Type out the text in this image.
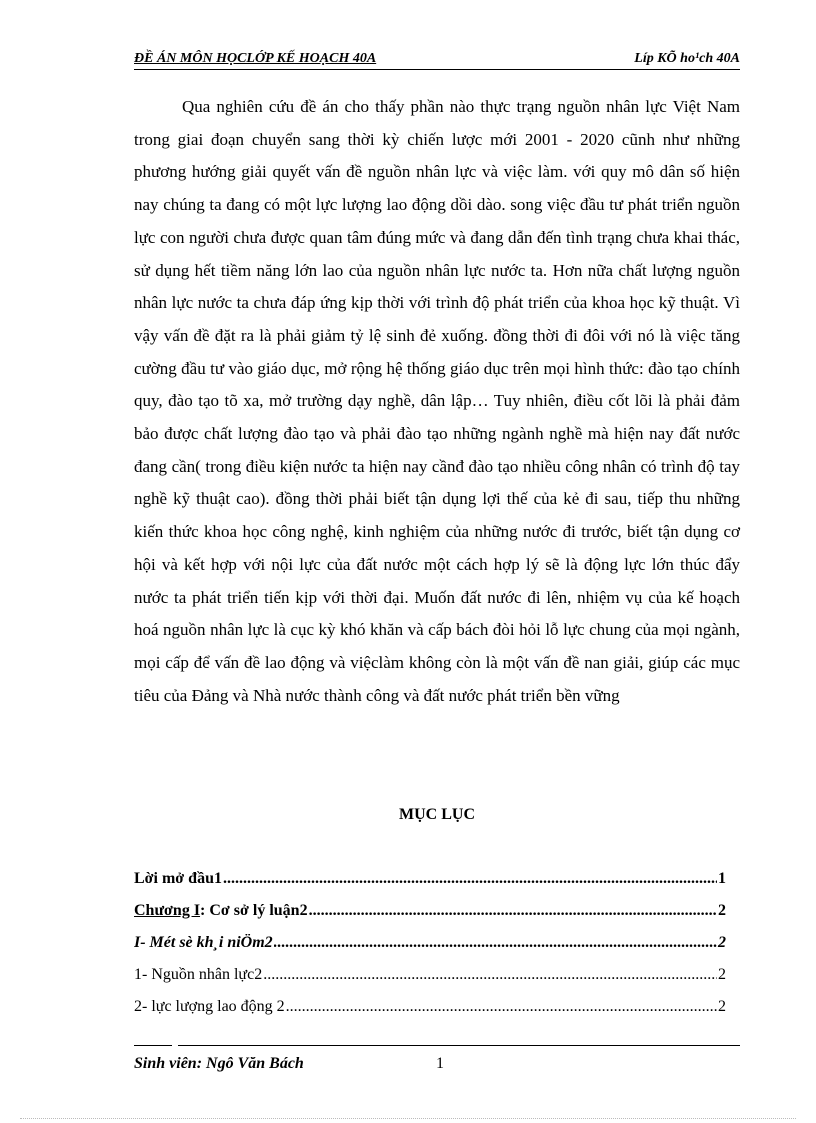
ĐỀ ÁN MÔN HỌCLỚP KẾ HOẠCH 40A	Líp KÕ ho¹ch 40A

Qua nghiên cứu đề án cho thấy phần nào thực trạng nguồn nhân lực Việt Nam trong giai đoạn chuyển sang thời kỳ chiến lược mới 2001 - 2020 cũnh như những phương hướng giải quyết vấn đề nguồn nhân lực và việc làm. với quy mô dân số hiện nay chúng ta đang có một lực lượng lao động dồi dào. song việc đầu tư phát triển nguồn lực con người chưa được quan tâm đúng mức và đang dẫn đến tình trạng chưa khai thác, sử dụng hết tiềm năng lớn lao của nguồn nhân lực nước ta. Hơn nữa chất lượng nguồn nhân lực nước ta chưa đáp ứng kịp thời với trình độ phát triển của khoa học kỹ thuật. Vì vậy vấn đề đặt ra là phải giảm tỷ lệ sinh đẻ xuống. đồng thời đi đôi với nó là việc tăng cường đầu tư vào giáo dục, mở rộng hệ thống giáo dục trên mọi hình thức: đào tạo chính quy, đào tạo tõ xa, mở trường dạy nghề, dân lập… Tuy nhiên, điều cốt lõi là phải đảm bảo được chất lượng đào tạo và phải đào tạo những ngành nghề mà hiện nay đất nước đang cần( trong điều kiện nước ta hiện nay cầnđ đào tạo nhiều công nhân có trình độ tay nghề kỹ thuật cao). đồng thời phải biết tận dụng lợi thế của kẻ đi sau, tiếp thu những kiến thức khoa học công nghệ, kinh nghiệm của những nước đi trước, biết tận dụng cơ hội và kết hợp với nội lực của đất nước một cách hợp lý sẽ là động lực lớn thúc đẩy nước ta phát triển tiến kịp với thời đại. Muốn đất nước đi lên, nhiệm vụ của kế hoạch hoá nguồn nhân lực là cục kỳ khó khăn và cấp bách đòi hỏi lỗ lực chung của mọi ngành, mọi cấp để vấn đề lao động và việclàm không còn là một vấn đề nan giải, giúp các mục tiêu của Đảng và Nhà nước thành công và đất nước phát triển bền vững

MỤC LỤC
Lời mở đầu1 .....	1
Chương I: Cơ sở lý luận2 .....	2
I- Mét sè kh¸i niÖm2 .....	2
1- Nguồn nhân lực2 .....	2
2- lực lượng lao động 2 .....	2
Sinh viên: Ngô Văn Bách	1
